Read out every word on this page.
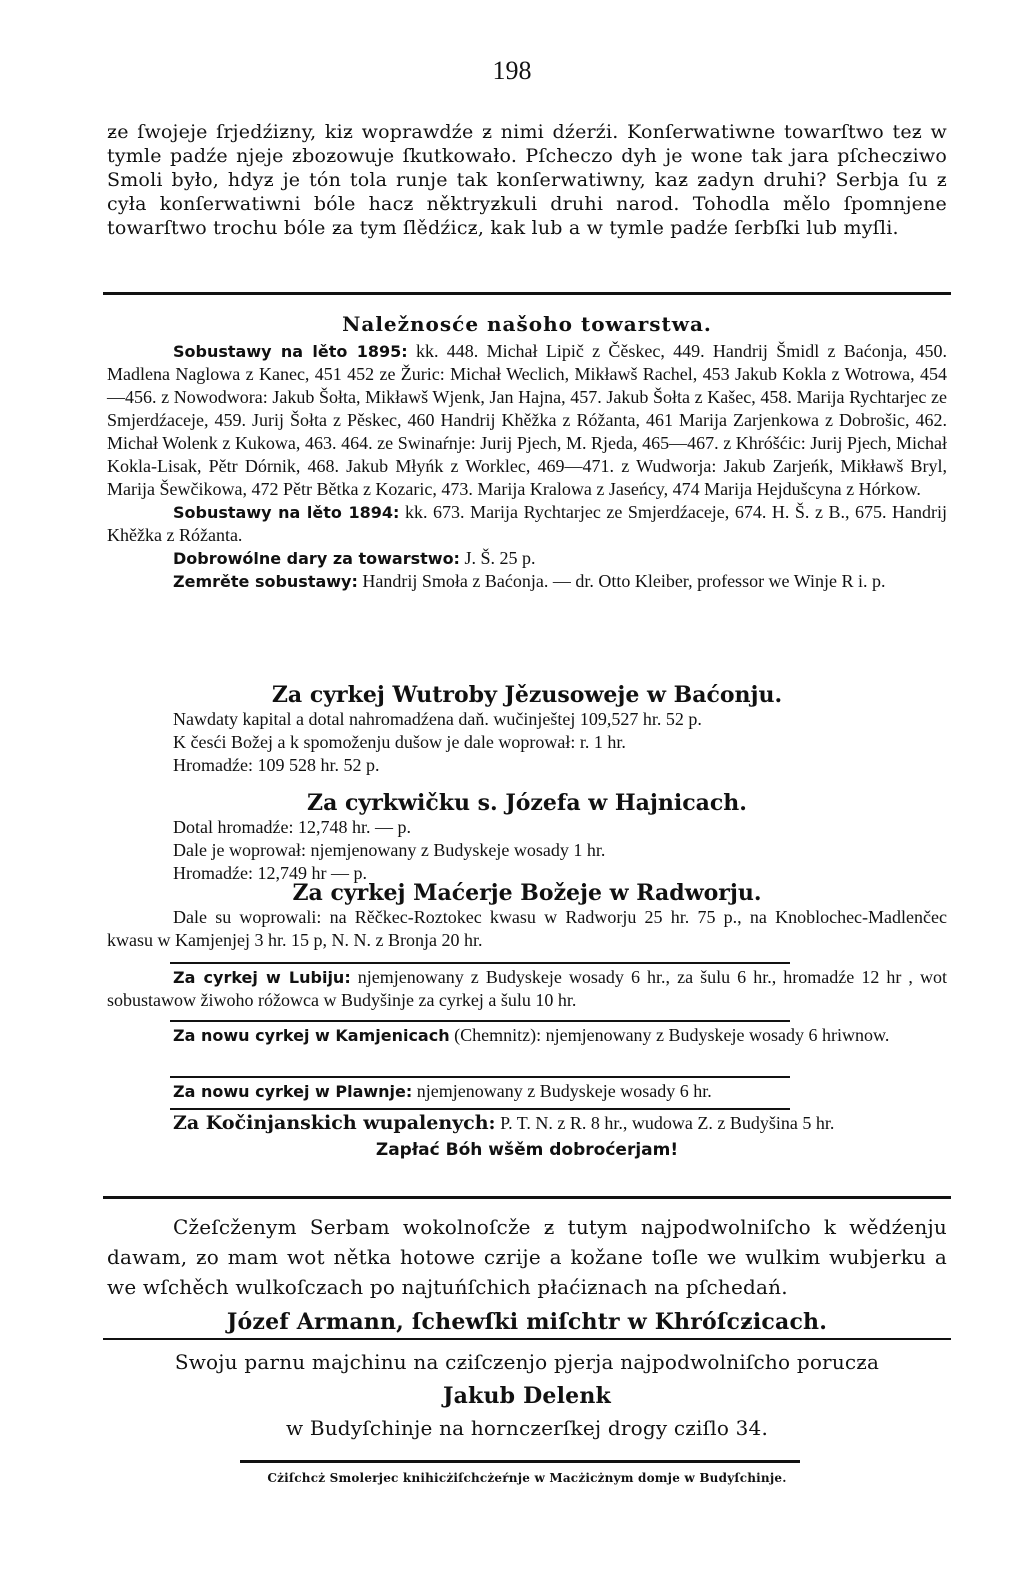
198

ƶe ſwojeje ſrjedźiƶny, kiƶ woprawdźe ƶ nimi dźerźi. Konſerwatiwne towarſtwo teƶ w tymle padźe njeje ƶboƶowuje ſkutkowało. Pſcheczo dyh je wone tak jara pſchecƶiwo Smoli było, hdyƶ je tón tola runje tak konſerwatiwny, kaƶ ƶadyn druhi? Serbja ſu ƶ cyła konſerwatiwni bóle hacƶ něktryƶkuli druhi narod. Tohodla mělo ſpomnjene towarſtwo trochu bóle ƶa tym ſlědźicƶ, kak lub a w tymle padźe ſerbſki lub myſli.

Naležnosće našoho towarstwa.

Sobustawy na lěto 1895: kk. 448. Michał Lipič z Čěskec, 449. Handrij Šmidl z Baćonja, 450. Madlena Naglowa z Kanec, 451 452 ze Žuric: Michał Weclich, Mikławš Rachel, 453 Jakub Kokla z Wotrowa, 454—456. z Nowodwora: Jakub Šołta, Mikławš Wjenk, Jan Hajna, 457. Jakub Šołta z Kašec, 458. Marija Rychtarjec ze Smjerdźaceje, 459. Jurij Šołta z Pěskec, 460 Handrij Khěžka z Róžanta, 461 Marija Zarjenkowa z Dobrošic, 462. Michał Wolenk z Kukowa, 463. 464. ze Swinaŕnje: Jurij Pjech, M. Rjeda, 465—467. z Khróšćic: Jurij Pjech, Michał Kokla-Lisak, Pětr Dórnik, 468. Jakub Młyńk z Worklec, 469—471. z Wudworja: Jakub Zarjeńk, Mikławš Bryl, Marija Šewčikowa, 472 Pětr Bětka z Kozaric, 473. Marija Kralowa z Jaseńcy, 474 Marija Hejdušcyna z Hórkow.

Sobustawy na lěto 1894: kk. 673. Marija Rychtarjec ze Smjerdźaceje, 674. H. Š. z B., 675. Handrij Khěžka z Róžanta.

Dobrowólne dary za towarstwo: J. Š. 25 p.

Zemrěte sobustawy: Handrij Smoła z Baćonja. — dr. Otto Kleiber, professor we Winje R i. p.

Za cyrkej Wutroby Jězusoweje w Baćonju.

Nawdaty kapital a dotal nahromadźena daň. wučinještej 109,527 hr. 52 p.

K česći Božej a k spomoženju dušow je dale woprował: r. 1 hr.

Hromadźe: 109 528 hr. 52 p.

Za cyrkwičku s. Józefa w Hajnicach.

Dotal hromadźe: 12,748 hr. — p.

Dale je woprował: njemjenowany z Budyskeje wosady 1 hr.

Hromadźe: 12,749 hr — p.

Za cyrkej Maćerje Božeje w Radworju.

Dale su woprowali: na Rěčkec-Roztokec kwasu w Radworju 25 hr. 75 p., na Knoblochec-Madlenčec kwasu w Kamjenjej 3 hr. 15 p, N. N. z Bronja 20 hr.

Za cyrkej w Lubiju: njemjenowany z Budyskeje wosady 6 hr., za šulu 6 hr., hromadźe 12 hr , wot sobustawow žiwoho róžowca w Budyšinje za cyrkej a šulu 10 hr.

Za nowu cyrkej w Kamjenicach (Chemnitz): njemjenowany z Budyskeje wosady 6 hriwnow.

Za nowu cyrkej w Plawnje: njemjenowany z Budyskeje wosady 6 hr.

Za Kočinjanskich wupalenych: P. T. N. z R. 8 hr., wudowa Z. z Budyšina 5 hr.

Zapłać Bóh wšěm dobroćerjam!

Cžeſcženym Serbam wokolnoſcže ƶ tutym najpodwolniſcho k wědźenju dawam, ƶo mam wot nětka hotowe cƶrije a kožane toſle we wulkim wubjerku a we wſchěch wulkoſcƶach po najtuńſchich płaćiƶnach na pſchedań.

Józef Armann, ſchewſki miſchtr w Khróſcƶicach.

Swoju parnu majchinu na cƶiſcƶenjo pjerja najpodwolniſcho porucƶa

Jakub Delenk

w Budyſchinje na horncƶerſkej drogy cƶiſlo 34.

Cżiſchcż Smolerjec knihicżiſchcżeŕnje w Macżicżnym domje w Budyſchinje.
